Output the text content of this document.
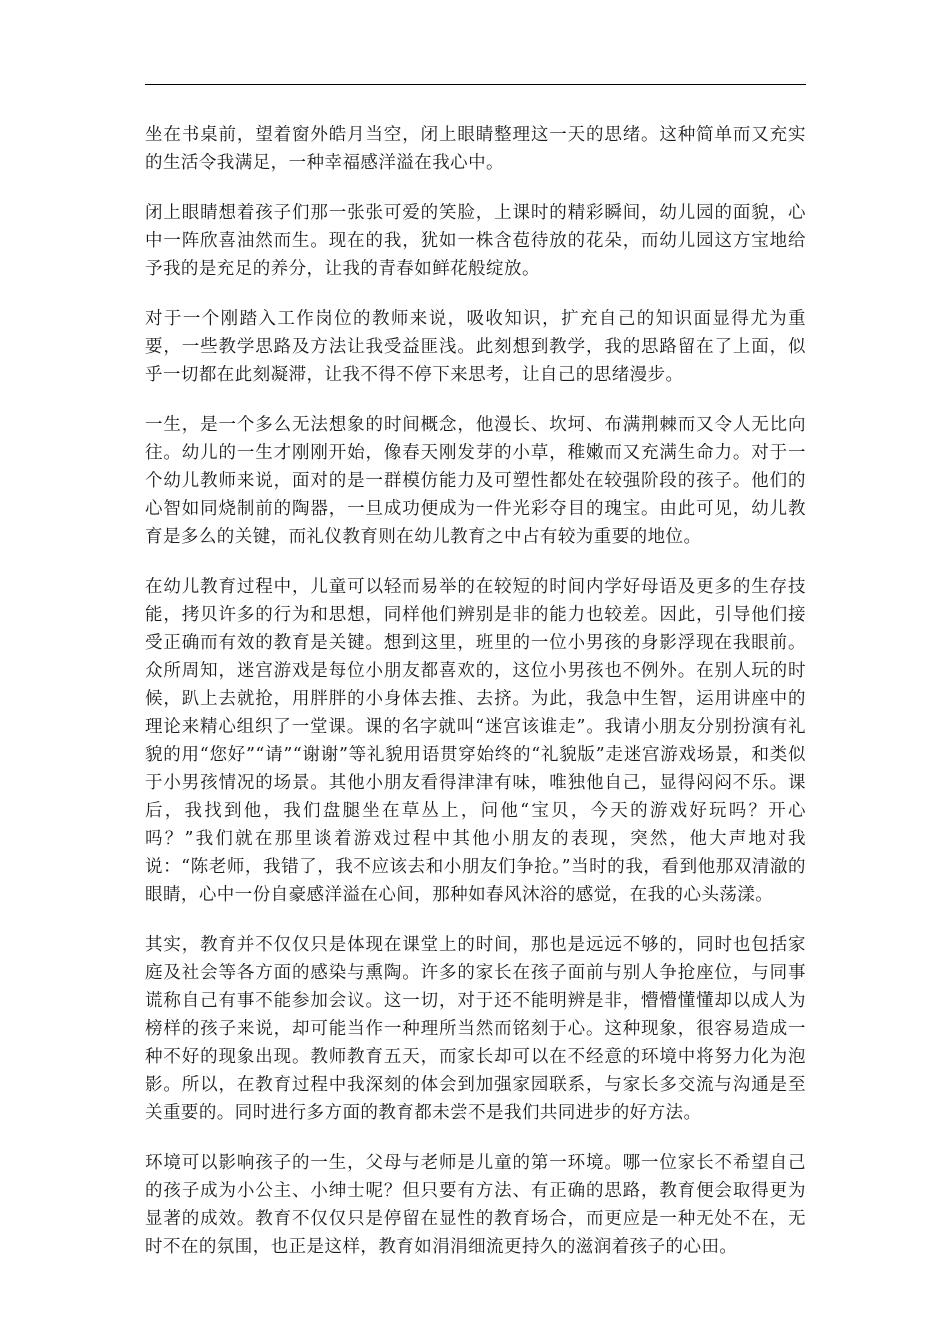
坐在书桌前，望着窗外皓月当空，闭上眼睛整理这一天的思绪。这种简单而又充实的生活令我满足，一种幸福感洋溢在我心中。

闭上眼睛想着孩子们那一张张可爱的笑脸，上课时的精彩瞬间，幼儿园的面貌，心中一阵欣喜油然而生。现在的我，犹如一株含苞待放的花朵，而幼儿园这方宝地给予我的是充足的养分，让我的青春如鲜花般绽放。

对于一个刚踏入工作岗位的教师来说，吸收知识，扩充自己的知识面显得尤为重要，一些教学思路及方法让我受益匪浅。此刻想到教学，我的思路留在了上面，似乎一切都在此刻凝滞，让我不得不停下来思考，让自己的思绪漫步。

一生，是一个多么无法想象的时间概念，他漫长、坎坷、布满荆棘而又令人无比向往。幼儿的一生才刚刚开始，像春天刚发芽的小草，稚嫩而又充满生命力。对于一个幼儿教师来说，面对的是一群模仿能力及可塑性都处在较强阶段的孩子。他们的心智如同烧制前的陶器，一旦成功便成为一件光彩夺目的瑰宝。由此可见，幼儿教育是多么的关键，而礼仪教育则在幼儿教育之中占有较为重要的地位。

在幼儿教育过程中，儿童可以轻而易举的在较短的时间内学好母语及更多的生存技能，拷贝许多的行为和思想，同样他们辨别是非的能力也较差。因此，引导他们接受正确而有效的教育是关键。想到这里，班里的一位小男孩的身影浮现在我眼前。众所周知，迷宫游戏是每位小朋友都喜欢的，这位小男孩也不例外。在别人玩的时候，趴上去就抢，用胖胖的小身体去推、去挤。为此，我急中生智，运用讲座中的理论来精心组织了一堂课。课的名字就叫“迷宫该谁走”。我请小朋友分别扮演有礼貌的用“您好”“请”“谢谢”等礼貌用语贯穿始终的“礼貌版”走迷宫游戏场景，和类似于小男孩情况的场景。其他小朋友看得津津有味，唯独他自己，显得闷闷不乐。课后，我找到他，我们盘腿坐在草丛上，问他“宝贝，今天的游戏好玩吗？开心吗？”我们就在那里谈着游戏过程中其他小朋友的表现，突然，他大声地对我说：“陈老师，我错了，我不应该去和小朋友们争抢。”当时的我，看到他那双清澈的眼睛，心中一份自豪感洋溢在心间，那种如春风沐浴的感觉，在我的心头荡漾。

其实，教育并不仅仅只是体现在课堂上的时间，那也是远远不够的，同时也包括家庭及社会等各方面的感染与熏陶。许多的家长在孩子面前与别人争抢座位，与同事谎称自己有事不能参加会议。这一切，对于还不能明辨是非，懵懵懂懂却以成人为榜样的孩子来说，却可能当作一种理所当然而铭刻于心。这种现象，很容易造成一种不好的现象出现。教师教育五天，而家长却可以在不经意的环境中将努力化为泡影。所以，在教育过程中我深刻的体会到加强家园联系，与家长多交流与沟通是至关重要的。同时进行多方面的教育都未尝不是我们共同进步的好方法。

环境可以影响孩子的一生，父母与老师是儿童的第一环境。哪一位家长不希望自己的孩子成为小公主、小绅士呢？但只要有方法、有正确的思路，教育便会取得更为显著的成效。教育不仅仅只是停留在显性的教育场合，而更应是一种无处不在，无时不在的氛围，也正是这样，教育如涓涓细流更持久的滋润着孩子的心田。
